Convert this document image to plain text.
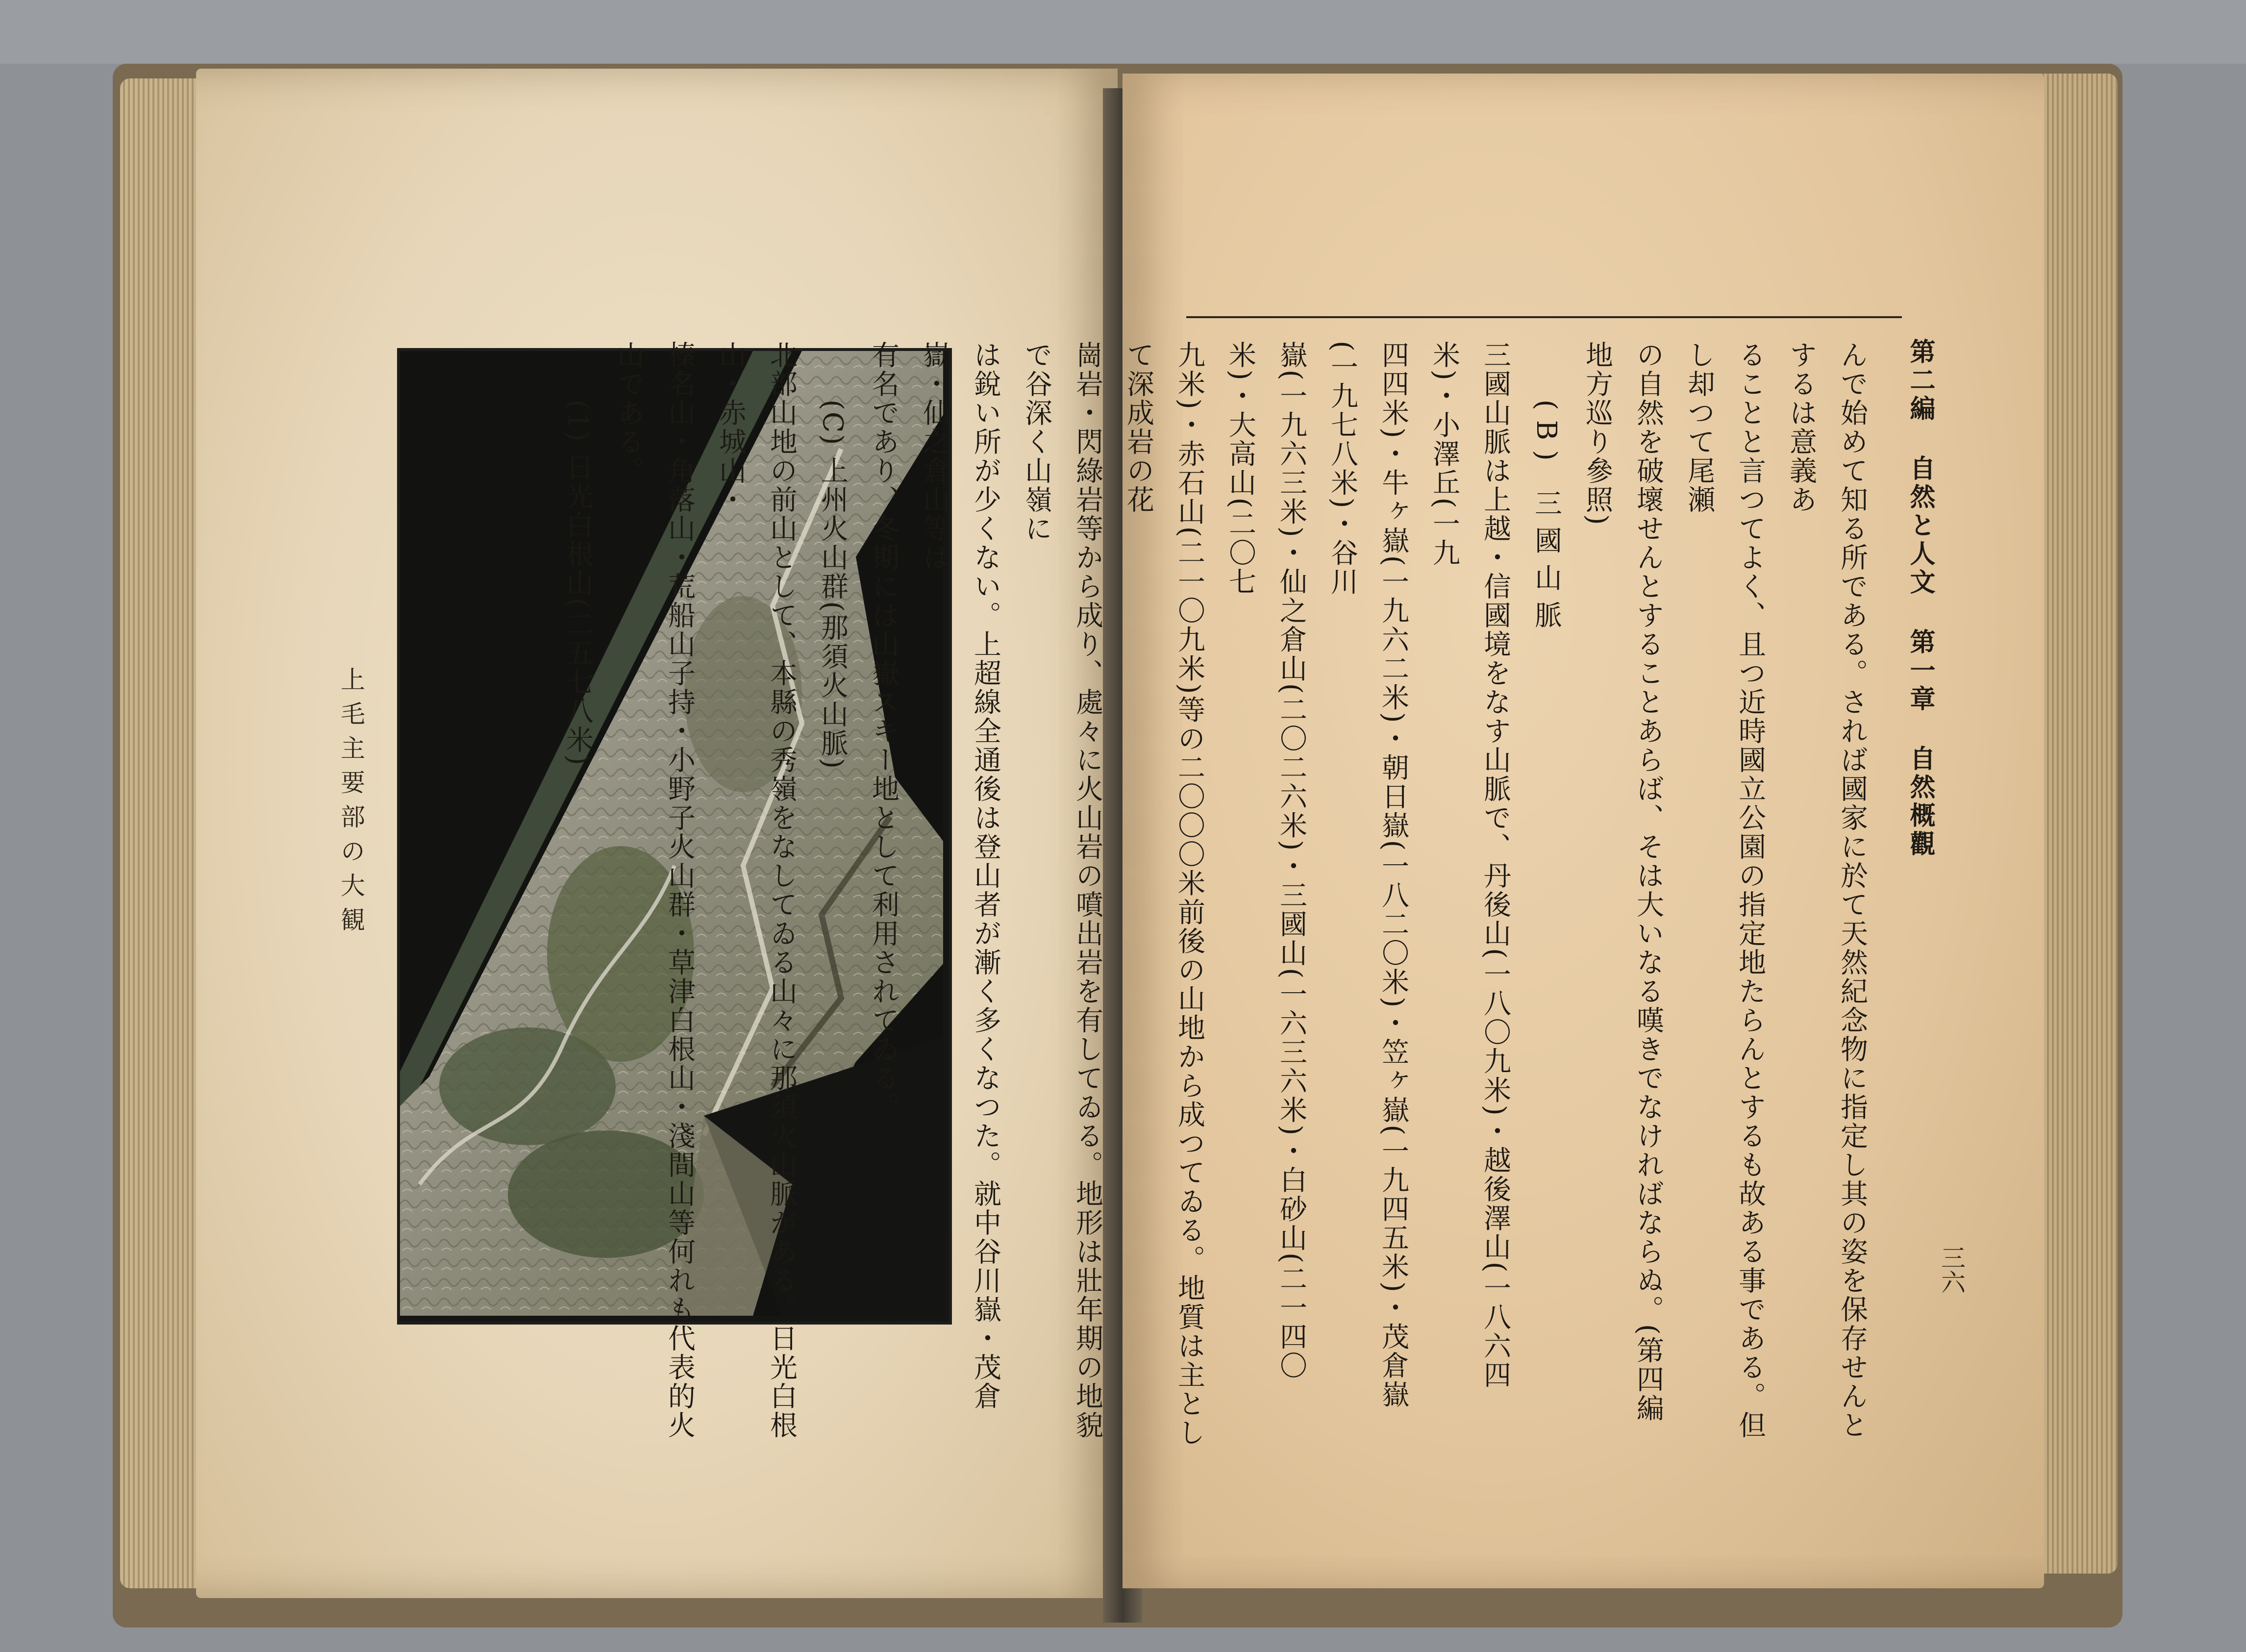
上毛主要部の大観
第二編 自然と人文 第一章 自然概觀

んで始めて知る所である。されば國家に於て天然紀念物に指定し其の姿を保存せんとするは意義あ

ることと言つてよく、且つ近時國立公園の指定地たらんとするも故ある事である。但し却つて尾瀬

の自然を破壞せんとすることあらば、そは大いなる嘆きでなければならぬ。(第四編地方巡り參照)

(B) 三國山脈

三國山脈は上越・信國境をなす山脈で、丹後山(一八〇九米)・越後澤山(一八六四米)・小澤丘(一九

四四米)・牛ヶ嶽(一九六二米)・朝日嶽(一八二〇米)・笠ヶ嶽(一九四五米)・茂倉嶽(一九七八米)・谷川

嶽(一九六三米)・仙之倉山(二〇二六米)・三國山(一六三六米)・白砂山(二一四〇米)・大高山(二〇七

九米)・赤石山(二一〇九米)等の二〇〇〇米前後の山地から成つてゐる。地質は主として深成岩の花

崗岩・閃綠岩等から成り、處々に火山岩の噴出岩を有してゐる。地形は壯年期の地貌で谷深く山嶺に

は銳い所が少くない。上超線全通後は登山者が漸く多くなつた。就中谷川嶽・茂倉嶽・仙之倉山等は

有名であり、冬期には山嶽スキー地として利用されてゐる。

(C) 上州火山群(那須火山脈)

北部山地の前山として、本縣の秀嶺をなしてゐる山々に那須火山脈がある。日光白根山・赤城山・

榛名山・角落山・荒船山子持・小野子火山群・草津白根山・淺間山等何れも代表的火山である。

(1) 日光白根山(二五七八米)

三六
